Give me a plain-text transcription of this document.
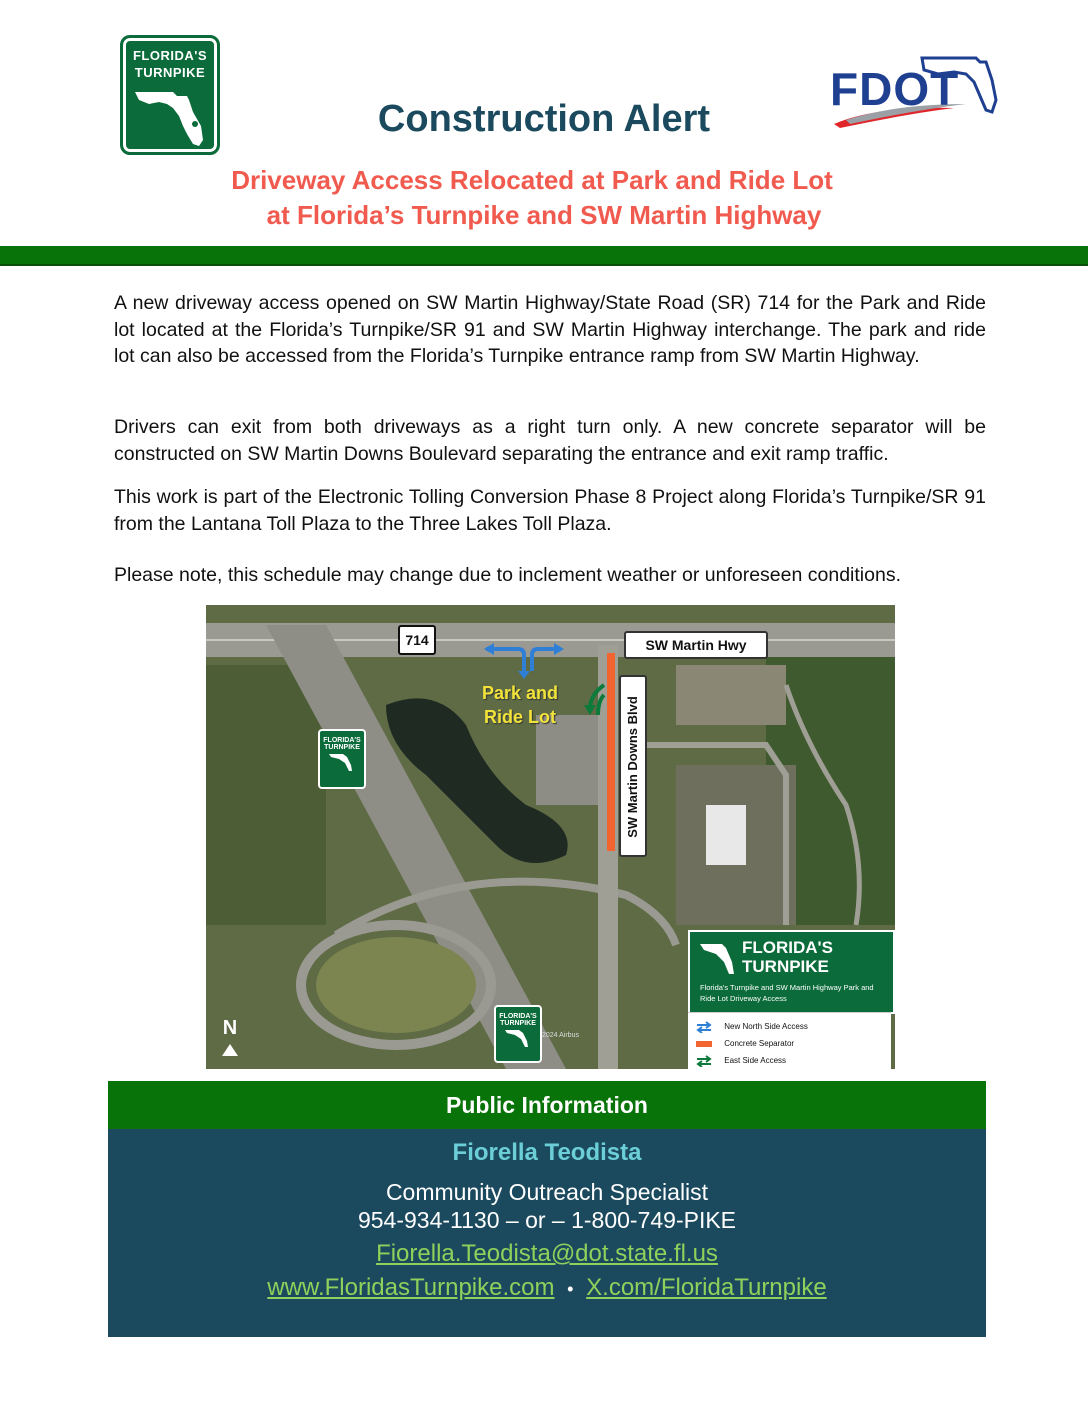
FLORIDA'S
TURNPIKE	FDOT
Construction Alert
Driveway Access Relocated at Park and Ride Lot
at Florida’s Turnpike and SW Martin Highway
A new driveway access opened on SW Martin Highway/State Road (SR) 714 for the Park and Ride lot located at the Florida’s Turnpike/SR 91 and SW Martin Highway interchange. The park and ride lot can also be accessed from the Florida’s Turnpike entrance ramp from SW Martin Highway.
Drivers can exit from both driveways as a right turn only. A new concrete separator will be constructed on SW Martin Downs Boulevard separating the entrance and exit ramp traffic.
This work is part of the Electronic Tolling Conversion Phase 8 Project along Florida’s Turnpike/SR 91 from the Lantana Toll Plaza to the Three Lakes Toll Plaza.
Please note, this schedule may change due to inclement weather or unforeseen conditions.
714	SW Martin Hwy
SW Martin Downs Blvd
Park and
Ride Lot
FLORIDA'S
TURNPIKE
FLORIDA'S
TURNPIKE
2024 Airbus
N
FLORIDA'S
TURNPIKE
Florida's Turnpike and SW Martin Highway Park and
Ride Lot Driveway Access
New North Side Access
Concrete Separator
East Side Access
Public Information
Fiorella Teodista
Community Outreach Specialist
954-934-1130 – or – 1-800-749-PIKE
Fiorella.Teodista@dot.state.fl.us
www.FloridasTurnpike.com • X.com/FloridaTurnpike
